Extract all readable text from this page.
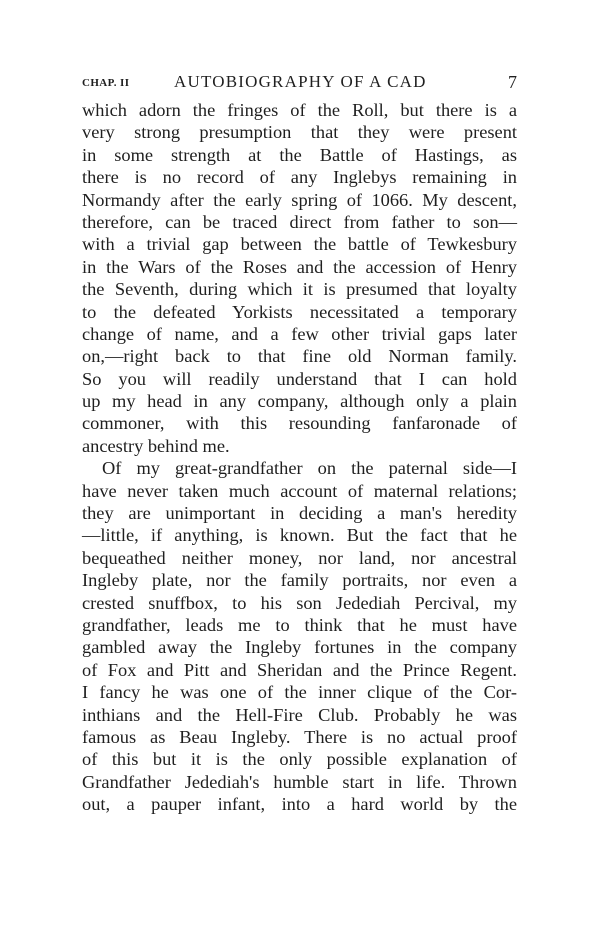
CHAP. II	AUTOBIOGRAPHY OF A CAD	7
which adorn the fringes of the Roll, but there is a
very strong presumption that they were present
in some strength at the Battle of Hastings, as
there is no record of any Inglebys remaining in
Normandy after the early spring of 1066. My descent,
therefore, can be traced direct from father to son—
with a trivial gap between the battle of Tewkesbury
in the Wars of the Roses and the accession of Henry
the Seventh, during which it is presumed that loyalty
to the defeated Yorkists necessitated a temporary
change of name, and a few other trivial gaps later
on,—right back to that fine old Norman family.
So you will readily understand that I can hold
up my head in any company, although only a plain
commoner, with this resounding fanfaronade of
ancestry behind me.
Of my great-grandfather on the paternal side—I
have never taken much account of maternal relations;
they are unimportant in deciding a man's heredity
—little, if anything, is known. But the fact that he
bequeathed neither money, nor land, nor ancestral
Ingleby plate, nor the family portraits, nor even a
crested snuffbox, to his son Jedediah Percival, my
grandfather, leads me to think that he must have
gambled away the Ingleby fortunes in the company
of Fox and Pitt and Sheridan and the Prince Regent.
I fancy he was one of the inner clique of the Cor-
inthians and the Hell-Fire Club. Probably he was
famous as Beau Ingleby. There is no actual proof
of this but it is the only possible explanation of
Grandfather Jedediah's humble start in life. Thrown
out, a pauper infant, into a hard world by the
